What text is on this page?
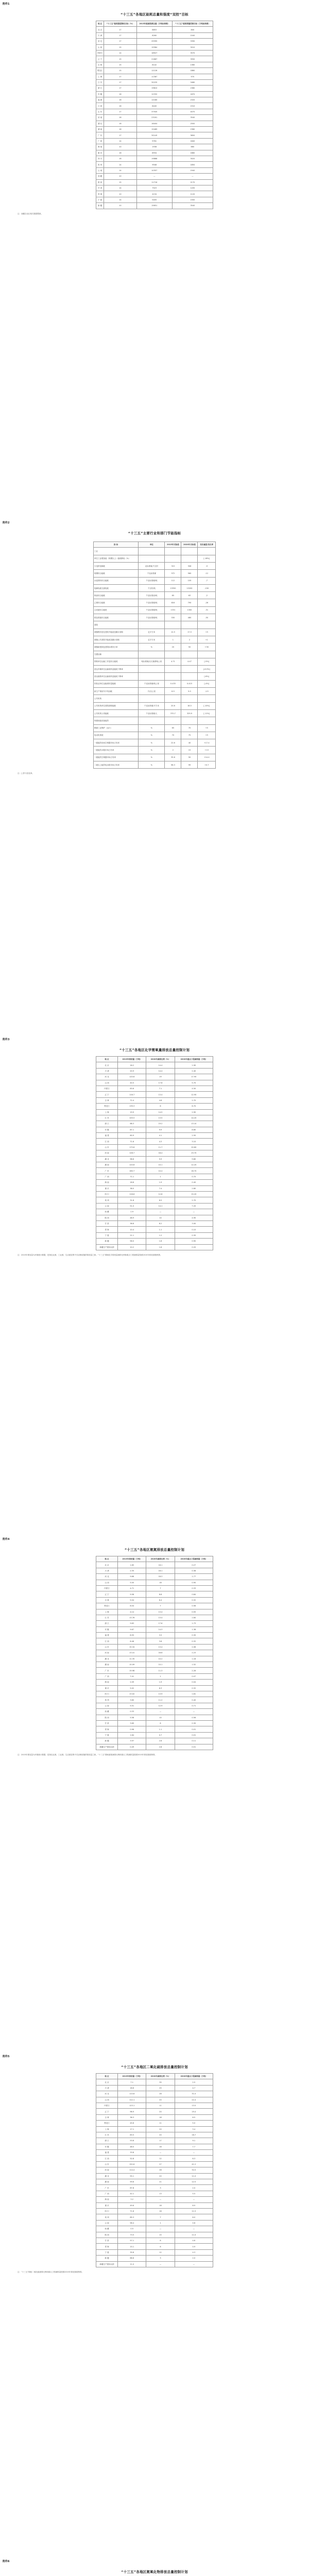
附件1
“十三五”各地区能耗总量和强度“双控”目标
地 区	“十三五”能耗强度降低目标（%）	2015年能源消费总量（万吨标准煤）	“十三五”能耗增量控制目标（万吨标准煤）
北 京	17	6853	800
天 津	17	8260	1040
河 北	17	29395	3390
山 西	15	19384	3010
内蒙古	14	18927	3570
辽 宁	15	21667	3550
吉 林	15	8142	1360
黑龙江	15	12126	1880
上 海	17	11387	970
江 苏	17	30235	3480
浙 江	17	19610	2380
安 徽	16	12332	1870
福 建	16	12180	2320
江 西	16	8440	1510
山 东	17	37945	4070
河 南	16	23161	3540
湖 北	16	16404	2500
湖 南	16	15469	2380
广 东	17	30145	3650
广 西	14	9761	1840
海 南	10	1938	660
重 庆	16	8934	1660
四 川	16	19888	3020
贵 州	14	9948	1850
云 南	14	10357	1940
西 藏	10	—	—
陕 西	15	11716	2170
甘 肃	14	7523	1430
青 海	10	4134	1120
宁 夏	14	5405	1500
新 疆	10	15651	3540
注：西藏自治区相关数据暂缺。
附件2
“十三五”主要行业和部门节能指标
指 标	单位	2015年实际值	2020年目标值	变化幅度/变化率
工业				
单位工业增加值（规模以上）能耗降低（%）				[-18%]
火电供电煤耗	克标准煤/千瓦时	315	306	-9
吨钢综合能耗	千克标准煤	572	560	-12
水泥熟料综合能耗	千克标准煤/吨	112	105	-7
电解铝液交流电耗	千瓦时/吨	13350	13200	-150
炼油综合能耗	千克标准油/吨	65	63	-2
乙烯综合能耗	千克标准煤/吨	816	790	-26
合成氨综合能耗	千克标准煤/吨	1331	1300	-31
纸及纸板综合能耗	千克标准煤/吨	530	480	-50
建筑				
城镇既有居住建筑节能改造累计面积	亿平方米	12.5	17.5	+5
城镇公共建筑节能改造累计面积	亿平方米	1	2	+1
城镇新建绿色建筑标准执行率	%	20	50	+30
交通运输				
铁路单位运输工作量综合能耗	吨标准煤/百万换算吨公里	4.71	4.47	[-5%]
营运车辆单位运输周转量能耗下降率				[-6.5%]
营运船舶单位运输周转量能耗下降率				[-6%]
民航业单位运输周转量能耗	千克标准煤/吨公里	0.433	0.415	[-4%]
新生产乘用车平均油耗	升/百公里	6.9	5.0	-1.9
公共机构				
公共机构单位建筑面积能耗	千克标准煤/平方米	20.6	18.5	[-10%]
公共机构人均能耗	千克标准煤/人	370.7	329.9	[-11%]
终端用能设备能效				
燃煤工业锅炉（运行）	%	65	70	+5
电动机系统	%	70	75	+5
一级能效房间空调器市场占有率	%	22.6	40	+17.4
一级能效冰箱市场占有率	%	2	15	+13
一级能效空调器市场占有率	%	35.6	50	+14.4
二级以上能效电冰箱市场占有率	%	98.3	99	+0.7
注：[ ]内为变化率。
附件3
“十三五”各地区化学需氧量排放总量控制计划
地 区	2015年排放量（万吨）	2020年减排比例（%）	2020年重点工程减排量（万吨）
北 京	16.2	14.4	1.90
天 津	20.9	14.4	2.40
河 北	120.8	19	17.90
山 西	40.5	17.6	5.70
内蒙古	83.6	7.1	4.50
辽 宁	116.7	13.4	12.90
吉 林	72.4	4.8	2.70
黑龙江	139.3	6	6.70
上 海	19.9	14.5	2.90
江 苏	105.5	13.5	14.20
浙 江	68.3	19.2	13.10
安 徽	87.1	9.9	8.60
福 建	60.9	4.1	2.50
江 西	71.6	4.3	3.10
山 东	175.8	11.7	20.60
河 南	128.7	18.4	23.70
湖 北	98.6	9.9	9.80
湖 南	120.8	10.1	12.20
广 东	160.7	10.4	16.70
广 西	71.1	1	0.70
海 南	18.8	1.9	0.40
重 庆	38.0	7.4	2.80
四 川	118.6	12.8	15.20
贵 州	31.8	8.5	2.70
云 南	51.0	14.1	7.20
西 藏	2.9	—	—
陕 西	48.9	10	4.90
甘 肃	36.6	8.2	3.00
青 海	10.4	1.1	0.10
宁 夏	21.1	1.2	0.30
新 疆	56.0	1.6	0.90
新疆生产建设兵团	10.2	1.6	0.20
注：2015年排放量为环境统计数据，是指农业源、工业源、生活源及集中式治理设施的排放量之和。“十三五”期间化学需氧量减排比例和重点工程减排量按照2015年排放基数核算。
附件4
“十三五”各地区氨氮排放总量控制计划
地 区	2015年排放量（万吨）	2020年减排比例（%）	2020年重点工程减排量（万吨）
北 京	1.65	16.1	0.27
天 津	2.35	16.1	0.38
河 北	9.66	18.3	1.77
山 西	5.00	18	0.90
内蒙古	4.71	7	0.33
辽 宁	9.58	8.8	0.84
吉 林	5.04	6.4	0.32
黑龙江	8.04	7	0.56
上 海	4.14	13.4	0.55
江 苏	13.76	13.4	1.84
浙 江	9.83	17.6	1.73
安 徽	9.67	14.3	1.38
福 建	8.55	3.5	0.30
江 西	8.46	3.8	0.32
山 东	15.34	13.4	2.06
河 南	13.41	16.6	2.23
湖 北	11.35	10.2	1.16
湖 南	15.09	10.1	1.52
广 东	19.98	11.3	2.26
广 西	7.41	1	0.07
海 南	2.09	1.9	0.04
重 庆	5.02	6.3	0.32
四 川	13.02	13.9	1.81
贵 州	3.60	11.2	0.40
云 南	5.51	12.9	0.71
西 藏	0.33	—	—
陕 西	5.58	10	0.56
甘 肃	3.69	8	0.30
青 海	0.96	1.1	0.01
宁 夏	1.64	0.7	0.01
新 疆	3.97	2.8	0.11
新疆生产建设兵团	0.49	2.8	0.01
注：2015年排放量为环境统计数据，是指农业源、工业源、生活源及集中式治理设施的排放量之和。“十三五”期间氨氮减排比例和重点工程减排量按照2015年排放基数核算。
附件5
“十三五”各地区二氧化硫排放总量控制计划
地 区	2015年排放量（万吨）	2020年减排比例（%）	2020年重点工程减排量（万吨）
北 京	7.1	35	2.5
天 津	18.6	25	4.7
河 北	110.8	28	31.0
山 西	112.1	20	22.4
内蒙古	123.1	11	13.5
辽 宁	96.9	20	19.4
吉 林	36.3	18	6.5
黑龙江	45.6	11	5.0
上 海	17.1	20	3.4
江 苏	83.5	20	16.7
浙 江	53.8	17	9.1
安 徽	48.0	16	7.7
福 建	33.8	—	—
江 西	52.8	12	6.3
山 东	152.6	27	41.2
河 南	114.4	28	32.0
湖 北	55.1	20	11.0
湖 南	59.6	21	12.5
广 东	67.8	3	2.0
广 西	42.1	13	5.5
海 南	3.2	—	—
重 庆	49.6	18	8.9
四 川	71.8	16	11.5
贵 州	85.3	7	6.0
云 南	58.4	1	0.6
西 藏	0.5	—	—
陕 西	73.5	15	11.0
甘 肃	57.1	8	4.6
青 海	15.1	6	0.9
宁 夏	35.8	12	4.3
新 疆	66.8	3	2.0
新疆生产建设兵团	11.0	—	—
注：“十三五”期间二氧化硫减排比例和重点工程减排量按照2015年排放基数核算。
附件6
“十三五”各地区氮氧化物排放总量控制计划
